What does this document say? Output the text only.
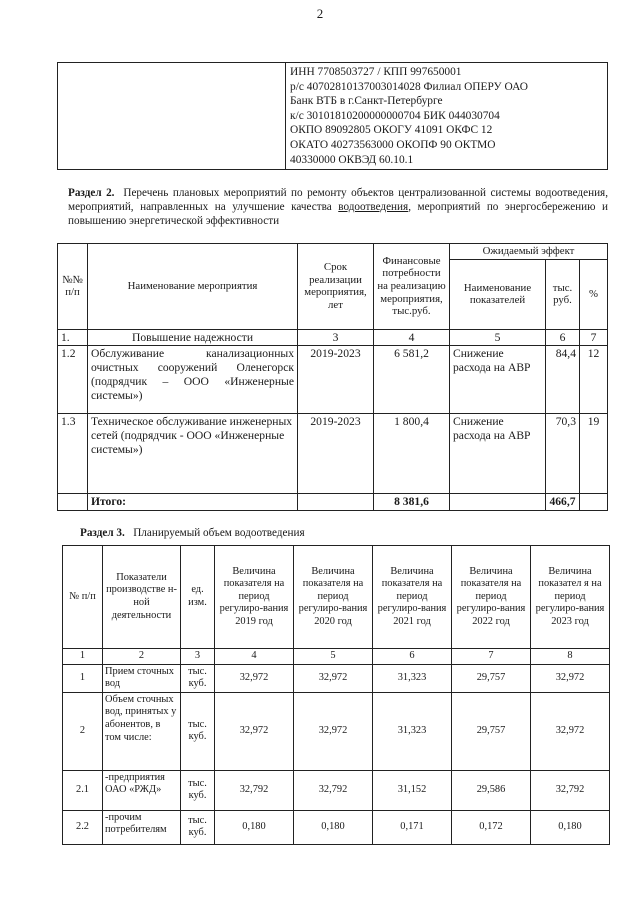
2

ИНН 7708503727 / КПП 997650001
р/с 40702810137003014028 Филиал ОПЕРУ ОАО
Банк ВТБ в г.Санкт-Петербурге
к/с 30101810200000000704 БИК 044030704
ОКПО 89092805 ОКОГУ 41091 ОКФС 12
ОКАТО 40273563000 ОКОПФ 90 ОКТМО
40330000 ОКВЭД 60.10.1
Раздел 2. Перечень плановых мероприятий по ремонту объектов централизованной системы водоотведения, мероприятий, направленных на улучшение качества водоотведения, мероприятий по энергосбережению и повышению энергетической эффективности
№№ п/п	Наименование мероприятия	Срок реализации мероприятия, лет	Финансовые потребности на реализацию мероприятия, тыс.руб.	Ожидаемый эффект		
				Наименование показателей	тыс. руб.	%
1.	Повышение надежности	3	4	5	6	7
1.2	Обслуживание канализационных очистных сооружений Оленегорск (подрядчик – ООО «Инженерные системы»)	2019-2023	6 581,2	Снижение расхода на АВР	84,4	12
1.3	Техническое обслуживание инженерных сетей (подрядчик - ООО «Инженерные системы»)	2019-2023	1 800,4	Снижение расхода на АВР	70,3	19
	Итого:		8 381,6		466,7	
Раздел 3. Планируемый объем водоотведения
№ п/п	Показатели производстве н-ной деятельности	ед. изм.	Величина показателя на период регулиро-вания 2019 год	Величина показателя на период регулиро-вания 2020 год	Величина показателя на период регулиро-вания 2021 год	Величина показателя на период регулиро-вания 2022 год	Величина показател я на период регулиро-вания 2023 год
1	2	3	4	5	6	7	8
1	Прием сточных вод	тыс. куб.	32,972	32,972	31,323	29,757	32,972
2	Объем сточных вод, принятых у абонентов, в том числе:	тыс. куб.	32,972	32,972	31,323	29,757	32,972
2.1	-предприятия ОАО «РЖД»	тыс. куб.	32,792	32,792	31,152	29,586	32,792
2.2	-прочим потребителям	тыс. куб.	0,180	0,180	0,171	0,172	0,180
